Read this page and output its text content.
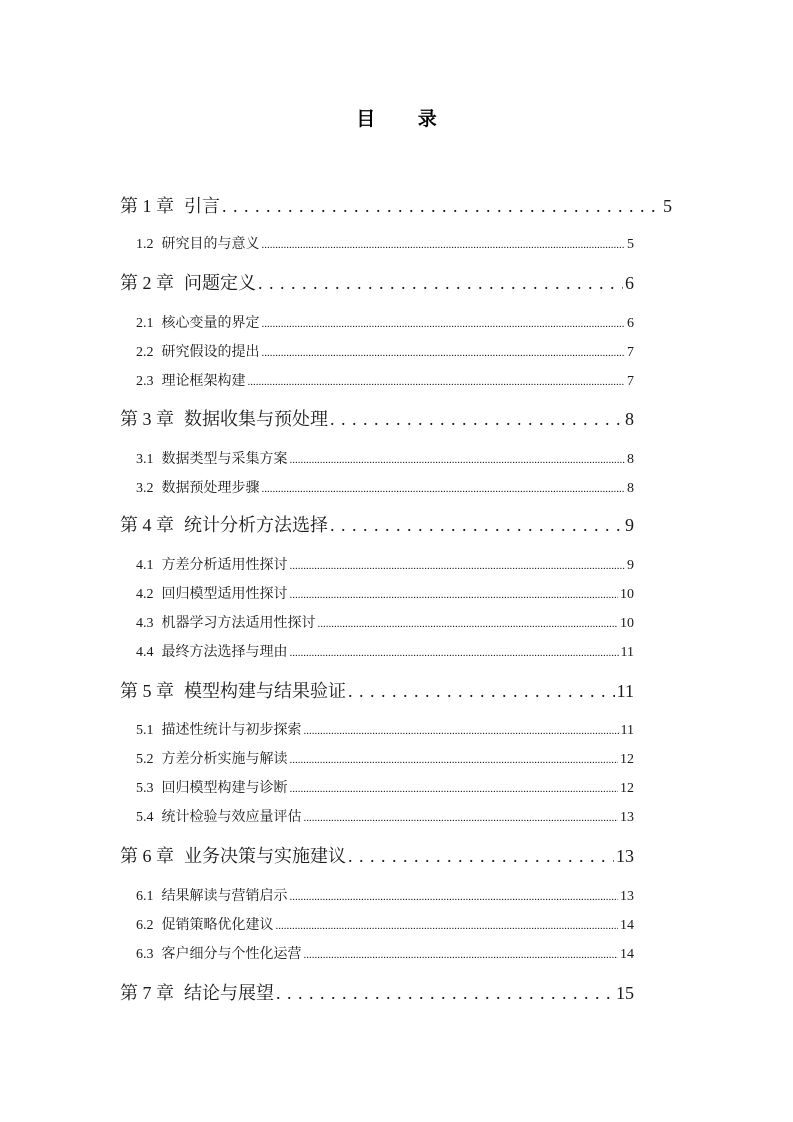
目 录
第 1 章 引言 . . .	5
1.2 研究目的与意义 .....	5
第 2 章 问题定义 . . .	6
2.1 核心变量的界定 .....	6
2.2 研究假设的提出 .....	7
2.3 理论框架构建 .....	7
第 3 章 数据收集与预处理 . . .	8
3.1 数据类型与采集方案 .....	8
3.2 数据预处理步骤 .....	8
第 4 章 统计分析方法选择 . . .	9
4.1 方差分析适用性探讨 .....	9
4.2 回归模型适用性探讨 .....	10
4.3 机器学习方法适用性探讨 .....	10
4.4 最终方法选择与理由 .....	11
第 5 章 模型构建与结果验证 . . .	11
5.1 描述性统计与初步探索 .....	11
5.2 方差分析实施与解读 .....	12
5.3 回归模型构建与诊断 .....	12
5.4 统计检验与效应量评估 .....	13
第 6 章 业务决策与实施建议 . . .	13
6.1 结果解读与营销启示 .....	13
6.2 促销策略优化建议 .....	14
6.3 客户细分与个性化运营 .....	14
第 7 章 结论与展望 . . .	15
